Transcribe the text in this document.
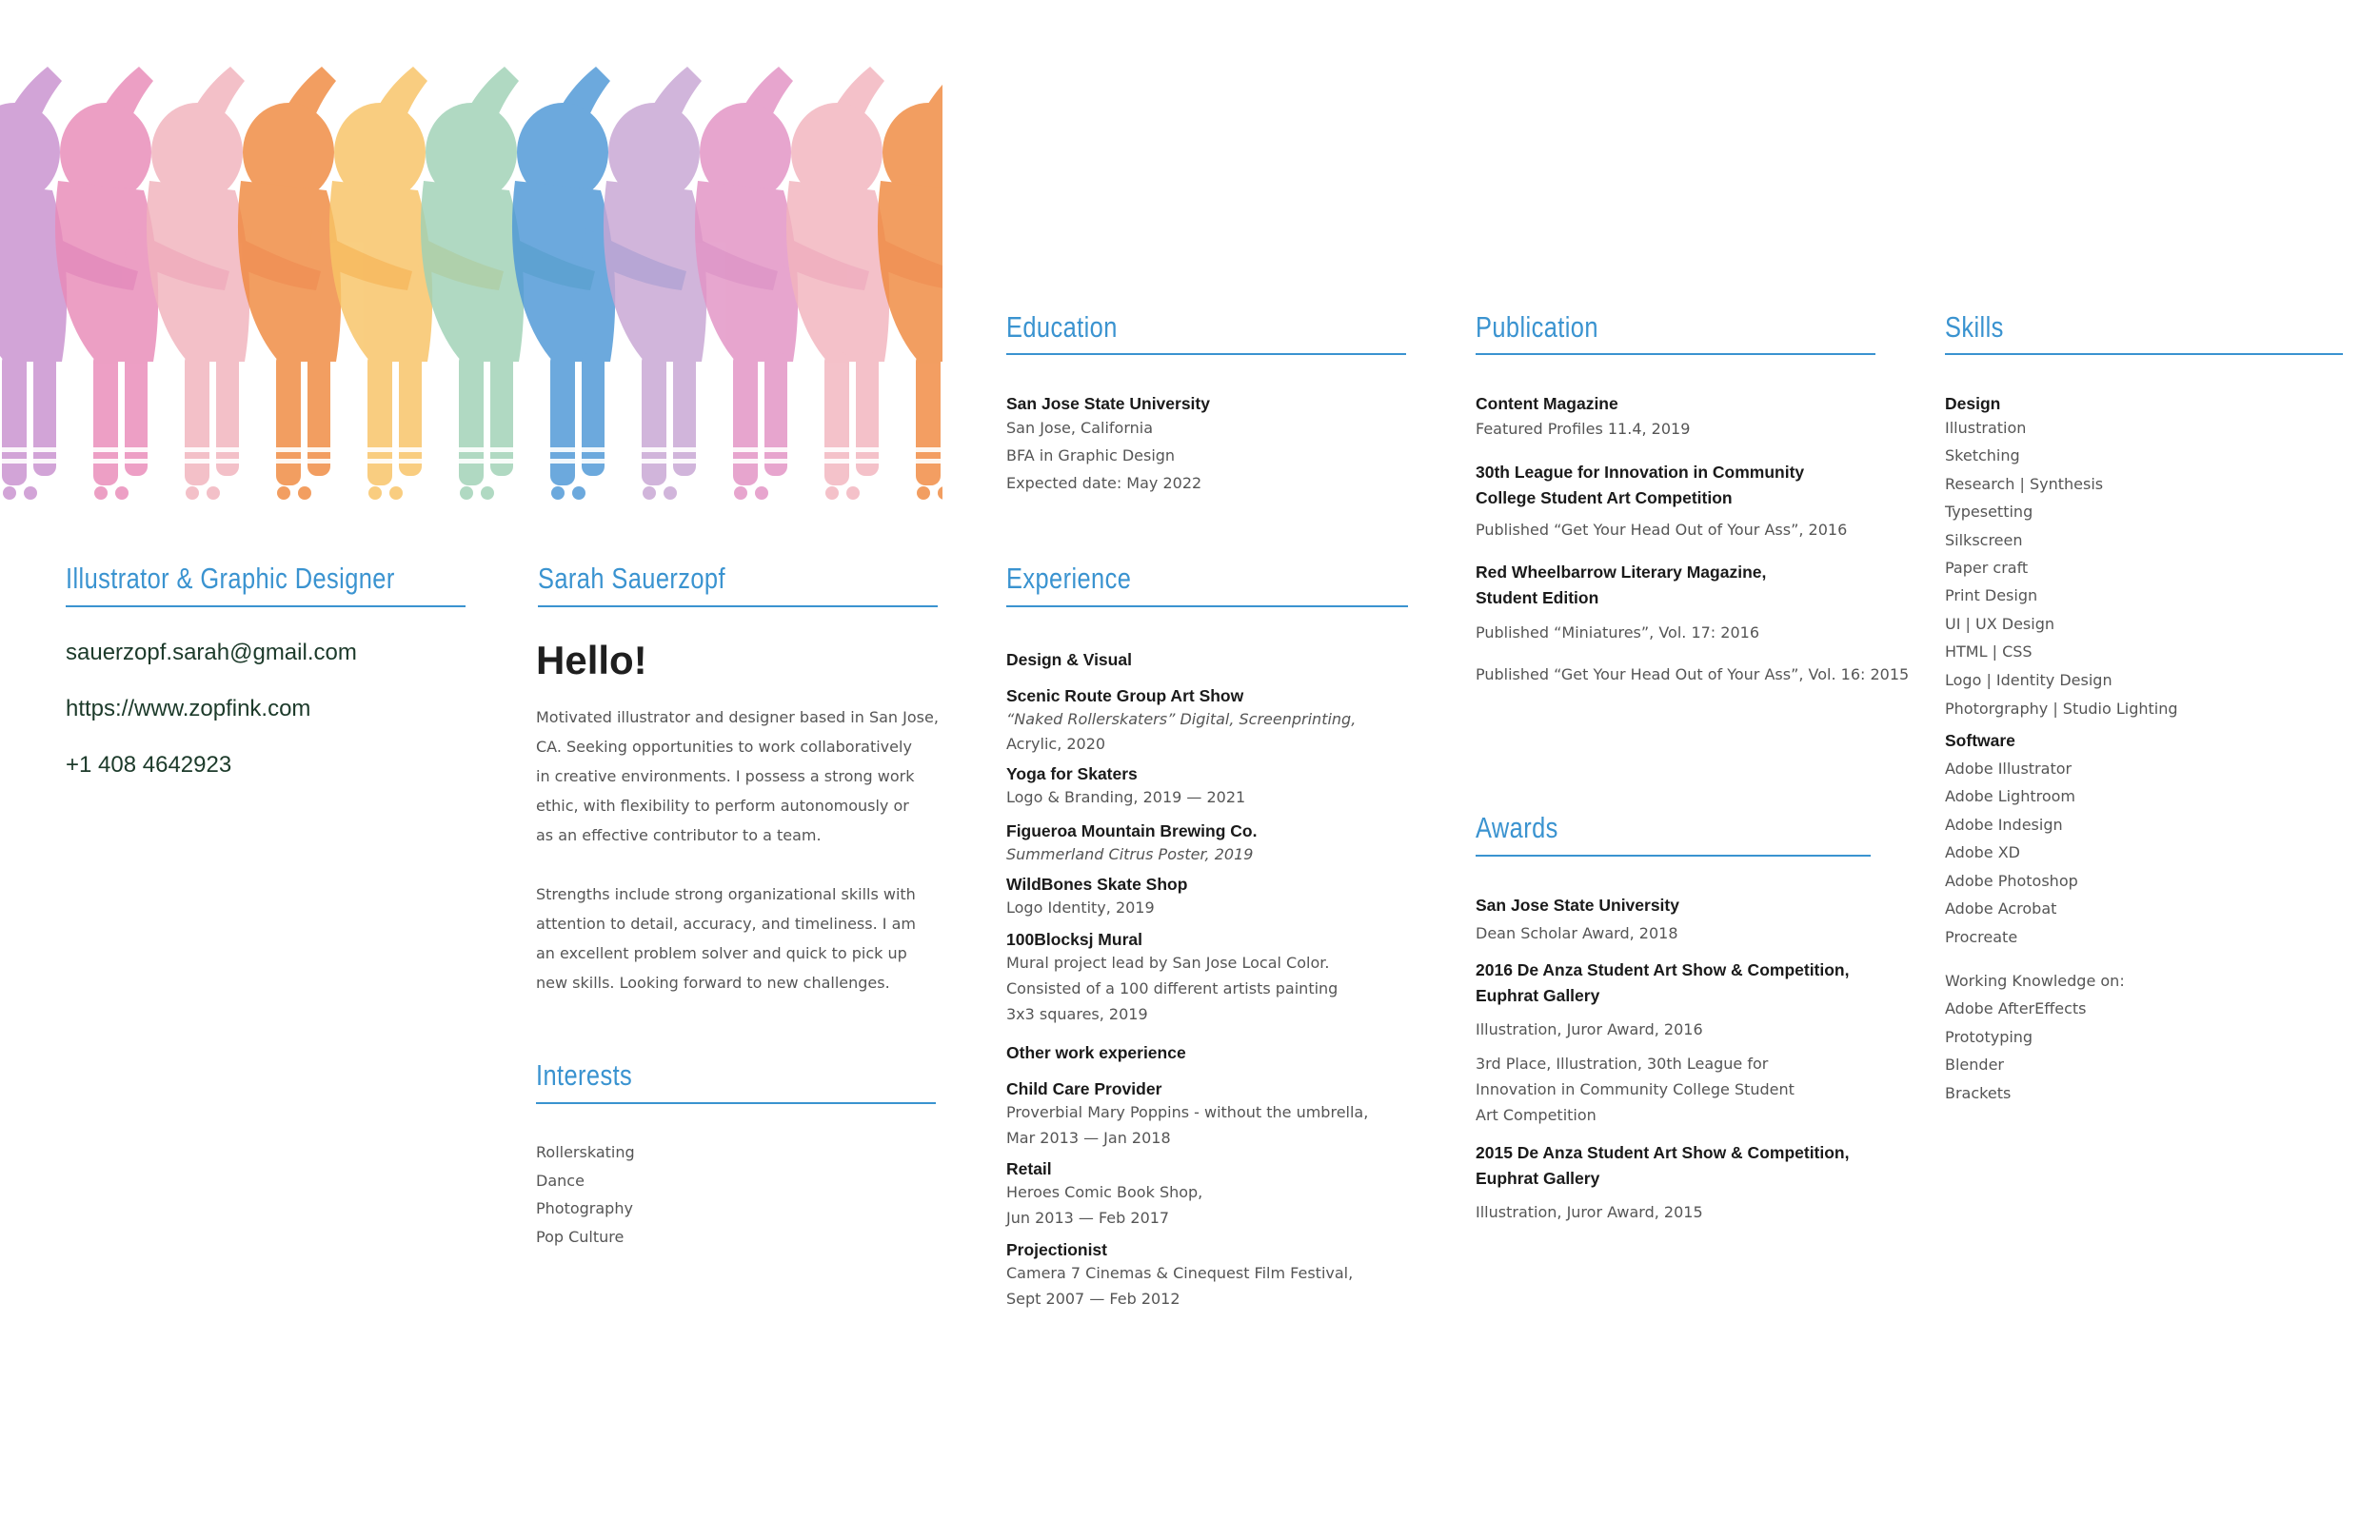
Illustrator & Graphic Designer
sauerzopf.sarah@gmail.com
https://www.zopfink.com
+1 408 4642923
Sarah Sauerzopf
Hello!
Motivated illustrator and designer based in San Jose,
CA. Seeking opportunities to work collaboratively
in creative environments. I possess a strong work
ethic, with flexibility to perform autonomously or
as an effective contributor to a team.
Strengths include strong organizational skills with
attention to detail, accuracy, and timeliness. I am
an excellent problem solver and quick to pick up
new skills. Looking forward to new challenges.
Interests
Rollerskating
Dance
Photography
Pop Culture
Education
San Jose State University
San Jose, California
BFA in Graphic Design
Expected date: May 2022
Experience
Design & Visual
Scenic Route Group Art Show
“Naked Rollerskaters” Digital, Screenprinting,
Acrylic, 2020
Yoga for Skaters
Logo & Branding, 2019 — 2021
Figueroa Mountain Brewing Co.
Summerland Citrus Poster, 2019
WildBones Skate Shop
Logo Identity, 2019
100Blocksj Mural
Mural project lead by San Jose Local Color.
Consisted of a 100 different artists painting
3x3 squares, 2019
Other work experience
Child Care Provider
Proverbial Mary Poppins - without the umbrella,
Mar 2013 — Jan 2018
Retail
Heroes Comic Book Shop,
Jun 2013 — Feb 2017
Projectionist
Camera 7 Cinemas & Cinequest Film Festival,
Sept 2007 — Feb 2012
Publication
Content Magazine
Featured Profiles 11.4, 2019
30th League for Innovation in Community
College Student Art Competition
Published “Get Your Head Out of Your Ass”, 2016
Red Wheelbarrow Literary Magazine,
Student Edition
Published “Miniatures”, Vol. 17: 2016
Published “Get Your Head Out of Your Ass”, Vol. 16: 2015
Awards
San Jose State University
Dean Scholar Award, 2018
2016 De Anza Student Art Show & Competition,
Euphrat Gallery
Illustration, Juror Award, 2016
3rd Place, Illustration, 30th League for
Innovation in Community College Student
Art Competition
2015 De Anza Student Art Show & Competition,
Euphrat Gallery
Illustration, Juror Award, 2015
Skills
Design
Illustration
Sketching
Research | Synthesis
Typesetting
Silkscreen
Paper craft
Print Design
UI | UX Design
HTML | CSS
Logo | Identity Design
Photorgraphy | Studio Lighting
Software
Adobe Illustrator
Adobe Lightroom
Adobe Indesign
Adobe XD
Adobe Photoshop
Adobe Acrobat
Procreate
Working Knowledge on:
Adobe AfterEffects
Prototyping
Blender
Brackets
